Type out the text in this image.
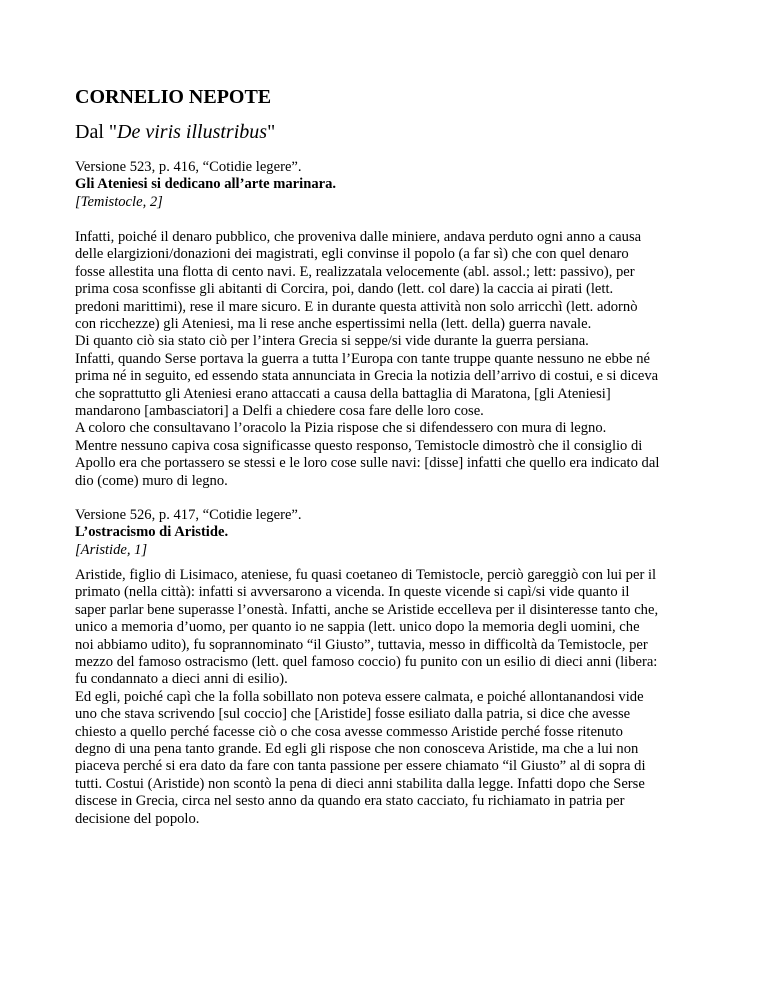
CORNELIO NEPOTE
Dal "De viris illustribus"

Versione 523, p. 416, “Cotidie legere”.

Gli Ateniesi si dedicano all’arte marinara.

[Temistocle, 2]

Infatti, poiché il denaro pubblico, che proveniva dalle miniere, andava perduto ogni anno a causa
delle elargizioni/donazioni dei magistrati, egli convinse il popolo (a far sì) che con quel denaro
fosse allestita una flotta di cento navi. E, realizzatala velocemente (abl. assol.; lett: passivo), per
prima cosa sconfisse gli abitanti di Corcira, poi, dando (lett. col dare) la caccia ai pirati (lett.
predoni marittimi), rese il mare sicuro. E in durante questa attività non solo arricchì (lett. adornò
con ricchezze) gli Ateniesi, ma li rese anche espertissimi nella (lett. della) guerra navale.
Di quanto ciò sia stato ciò per l’intera Grecia si seppe/si vide durante la guerra persiana.
Infatti, quando Serse portava la guerra a tutta l’Europa con tante truppe quante nessuno ne ebbe né
prima né in seguito, ed essendo stata annunciata in Grecia la notizia dell’arrivo di costui, e si diceva
che soprattutto gli Ateniesi erano attaccati a causa della battaglia di Maratona, [gli Ateniesi]
mandarono [ambasciatori] a Delfi a chiedere cosa fare delle loro cose.
A coloro che consultavano l’oracolo la Pizia rispose che si difendessero con mura di legno.
Mentre nessuno capiva cosa significasse questo responso, Temistocle dimostrò che il consiglio di
Apollo era che portassero se stessi e le loro cose sulle navi: [disse] infatti che quello era indicato dal
dio (come) muro di legno.

Versione 526, p. 417, “Cotidie legere”.

L’ostracismo di Aristide.

[Aristide, 1]

Aristide, figlio di Lisimaco, ateniese, fu quasi coetaneo di Temistocle, perciò gareggiò con lui per il
primato (nella città): infatti si avversarono a vicenda. In queste vicende si capì/si vide quanto il
saper parlar bene superasse l’onestà. Infatti, anche se Aristide eccelleva per il disinteresse tanto che,
unico a memoria d’uomo, per quanto io ne sappia (lett. unico dopo la memoria degli uomini, che
noi abbiamo udito), fu soprannominato “il Giusto”, tuttavia, messo in difficoltà da Temistocle, per
mezzo del famoso ostracismo (lett. quel famoso coccio) fu punito con un esilio di dieci anni (libera:
fu condannato a dieci anni di esilio).
Ed egli, poiché capì che la folla sobillato non poteva essere calmata, e poiché allontanandosi vide
uno che stava scrivendo [sul coccio] che [Aristide] fosse esiliato dalla patria, si dice che avesse
chiesto a quello perché facesse ciò o che cosa avesse commesso Aristide perché fosse ritenuto
degno di una pena tanto grande. Ed egli gli rispose che non conosceva Aristide, ma che a lui non
piaceva perché si era dato da fare con tanta passione per essere chiamato “il Giusto” al di sopra di
tutti. Costui (Aristide) non scontò la pena di dieci anni stabilita dalla legge. Infatti dopo che Serse
discese in Grecia, circa nel sesto anno da quando era stato cacciato, fu richiamato in patria per
decisione del popolo.
